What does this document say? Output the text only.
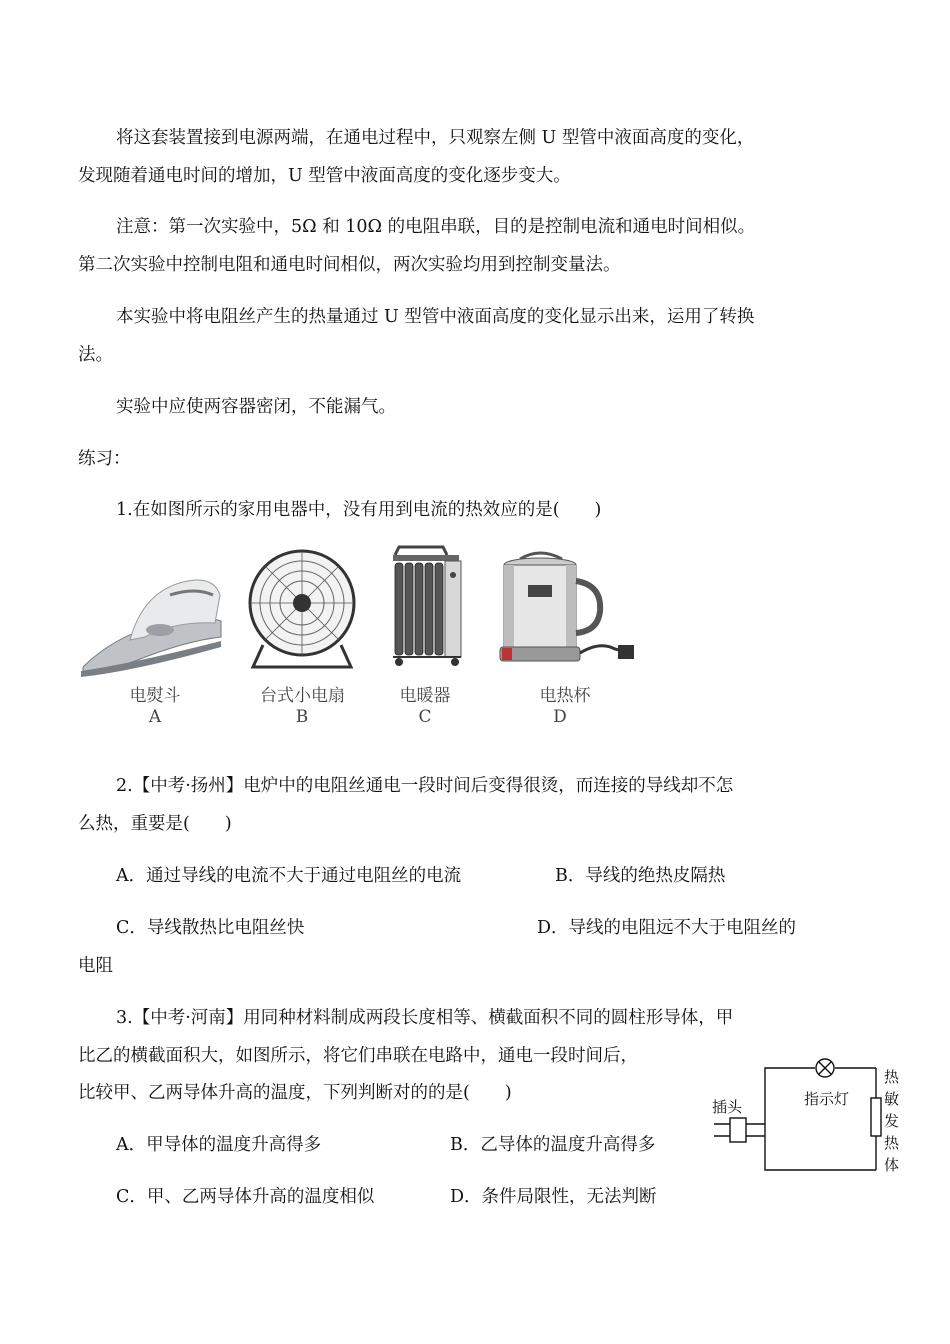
将这套装置接到电源两端，在通电过程中，只观察左侧 U 型管中液面高度的变化，
发现随着通电时间的增加，U 型管中液面高度的变化逐步变大。
注意：第一次实验中，5Ω 和 10Ω 的电阻串联，目的是控制电流和通电时间相似。
第二次实验中控制电阻和通电时间相似，两次实验均用到控制变量法。
本实验中将电阻丝产生的热量通过 U 型管中液面高度的变化显示出来，运用了转换
法。
实验中应使两容器密闭，不能漏气。
练习：
1.在如图所示的家用电器中，没有用到电流的热效应的是(　　)
电熨斗
A
台式小电扇
B
电暖器
C
电热杯
D
2.【中考·扬州】电炉中的电阻丝通电一段时间后变得很烫，而连接的导线却不怎
么热，重要是(　　)
A．通过导线的电流不大于通过电阻丝的电流	B．导线的绝热皮隔热
C．导线散热比电阻丝快	D．导线的电阻远不大于电阻丝的
电阻
3.【中考·河南】用同种材料制成两段长度相等、横截面积不同的圆柱形导体，甲
比乙的横截面积大，如图所示，将它们串联在电路中，通电一段时间后，
比较甲、乙两导体升高的温度，下列判断对的的是(　　)
A．甲导体的温度升高得多	B．乙导体的温度升高得多
C．甲、乙两导体升高的温度相似	D．条件局限性，无法判断
插头	指示灯
热
敏
发
热
体
